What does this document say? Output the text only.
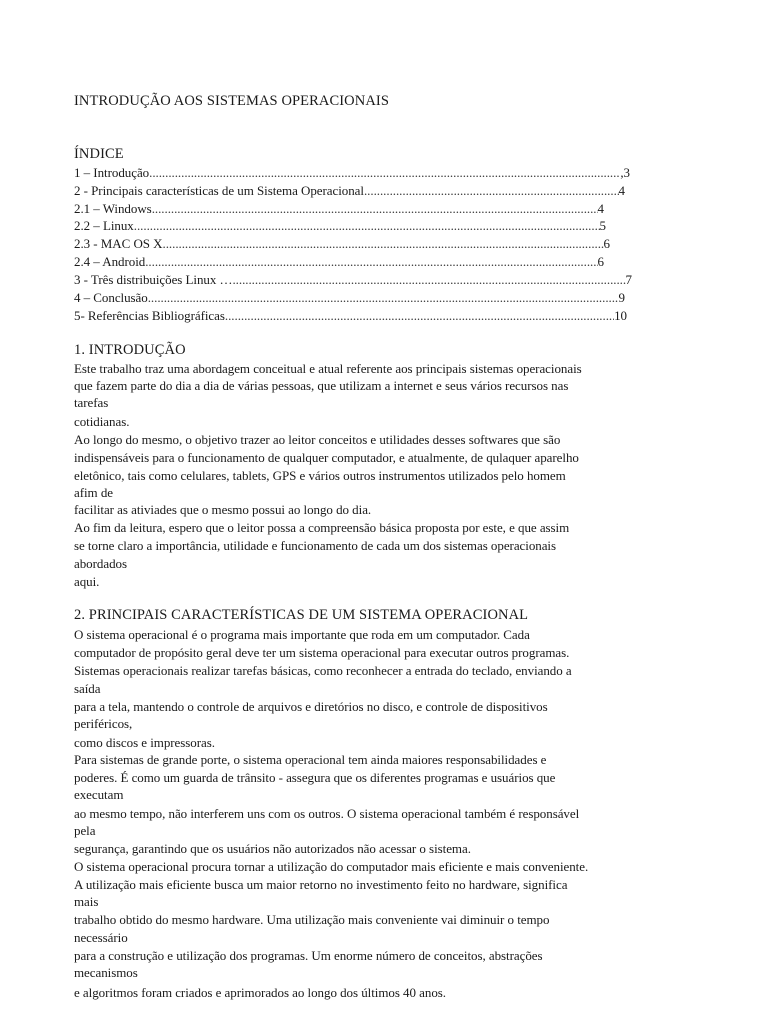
INTRODUÇÃO AOS SISTEMAS OPERACIONAIS
ÍNDICE
1 – Introdução .....	,3
2 - Principais características de um Sistema Operacional .....	4
2.1 – Windows .....	4
2.2 – Linux .....	5
2.3 - MAC OS X .....	6
2.4 – Android .....	6
3 - Três distribuições Linux … .....	7
4 – Conclusão .....	9
5- Referências Bibliográficas .....	10
1. INTRODUÇÃO
Este trabalho traz uma abordagem conceitual e atual referente aos principais sistemas operacionais
que fazem parte do dia a dia de várias pessoas, que utilizam a internet e seus vários recursos nas
tarefas
cotidianas.
Ao longo do mesmo, o objetivo trazer ao leitor conceitos e utilidades desses softwares que são
indispensáveis para o funcionamento de qualquer computador, e atualmente, de qulaquer aparelho
eletônico, tais como celulares, tablets, GPS e vários outros instrumentos utilizados pelo homem
afim de
facilitar as ativiades que o mesmo possui ao longo do dia.
Ao fim da leitura, espero que o leitor possa a compreensão básica proposta por este, e que assim
se torne claro a importância, utilidade e funcionamento de cada um dos sistemas operacionais
abordados
aqui.
2. PRINCIPAIS CARACTERÍSTICAS DE UM SISTEMA OPERACIONAL
O sistema operacional é o programa mais importante que roda em um computador. Cada
computador de propósito geral deve ter um sistema operacional para executar outros programas.
Sistemas operacionais realizar tarefas básicas, como reconhecer a entrada do teclado, enviando a
saída
para a tela, mantendo o controle de arquivos e diretórios no disco, e controle de dispositivos
periféricos,
como discos e impressoras.
Para sistemas de grande porte, o sistema operacional tem ainda maiores responsabilidades e
poderes. É como um guarda de trânsito - assegura que os diferentes programas e usuários que
executam
ao mesmo tempo, não interferem uns com os outros. O sistema operacional também é responsável
pela
segurança, garantindo que os usuários não autorizados não acessar o sistema.
O sistema operacional procura tornar a utilização do computador mais eficiente e mais conveniente.
A utilização mais eficiente busca um maior retorno no investimento feito no hardware, significa
mais
trabalho obtido do mesmo hardware. Uma utilização mais conveniente vai diminuir o tempo
necessário
para a construção e utilização dos programas. Um enorme número de conceitos, abstrações
mecanismos
e algoritmos foram criados e aprimorados ao longo dos últimos 40 anos.
